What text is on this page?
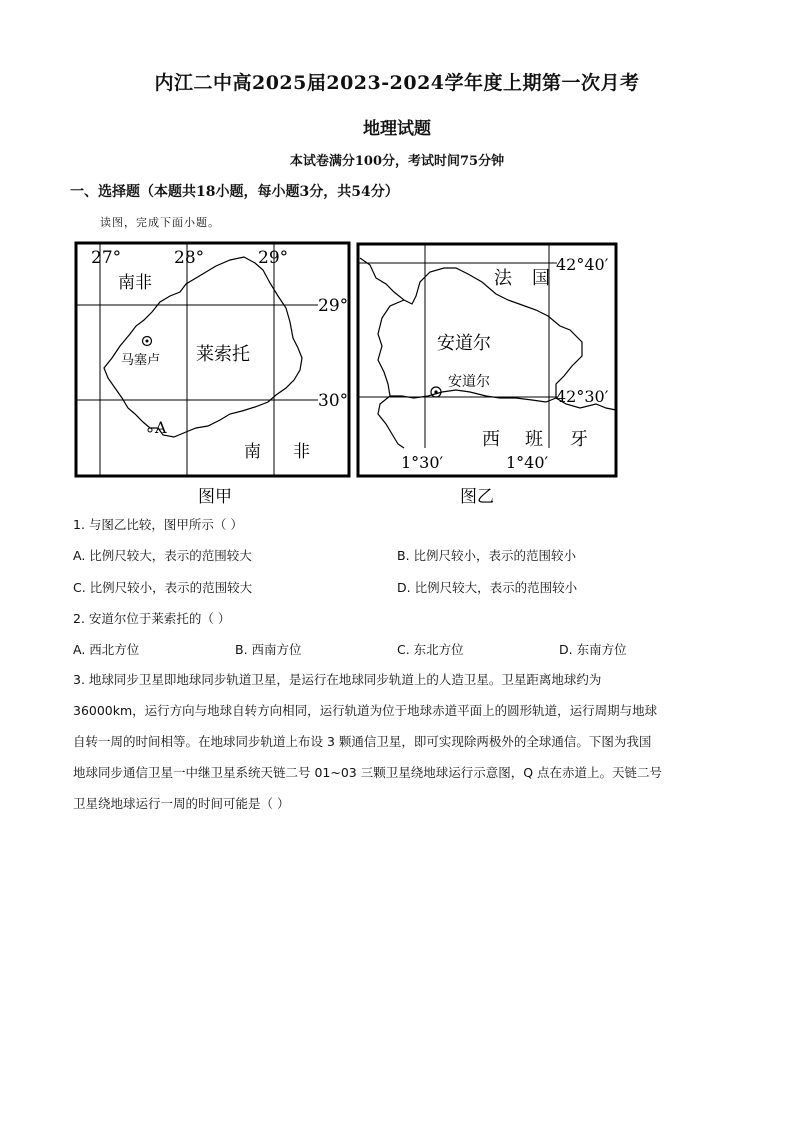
内江二中高2025届2023-2024学年度上期第一次月考
地理试题
本试卷满分100分，考试时间75分钟
一、选择题（本题共18小题，每小题3分，共54分）
读图，完成下面小题。
27°	28°	29°
29°
30°
南非
莱索托
南 非
马塞卢
A
法 国
42°40′
42°30′
安道尔
安道尔
西 班 牙
1°30′	1°40′
图甲	图乙
1. 与图乙比较，图甲所示（ ）
A. 比例尺较大，表示的范围较大	B. 比例尺较小，表示的范围较小
C. 比例尺较小，表示的范围较大	D. 比例尺较大，表示的范围较小
2. 安道尔位于莱索托的（ ）
A. 西北方位	B. 西南方位	C. 东北方位	D. 东南方位
3. 地球同步卫星即地球同步轨道卫星，是运行在地球同步轨道上的人造卫星。卫星距离地球约为
36000km，运行方向与地球自转方向相同，运行轨道为位于地球赤道平面上的圆形轨道，运行周期与地球
自转一周的时间相等。在地球同步轨道上布设 3 颗通信卫星，即可实现除两极外的全球通信。下图为我国
地球同步通信卫星一中继卫星系统天链二号 01~03 三颗卫星绕地球运行示意图，Q 点在赤道上。天链二号
卫星绕地球运行一周的时间可能是（ ）
